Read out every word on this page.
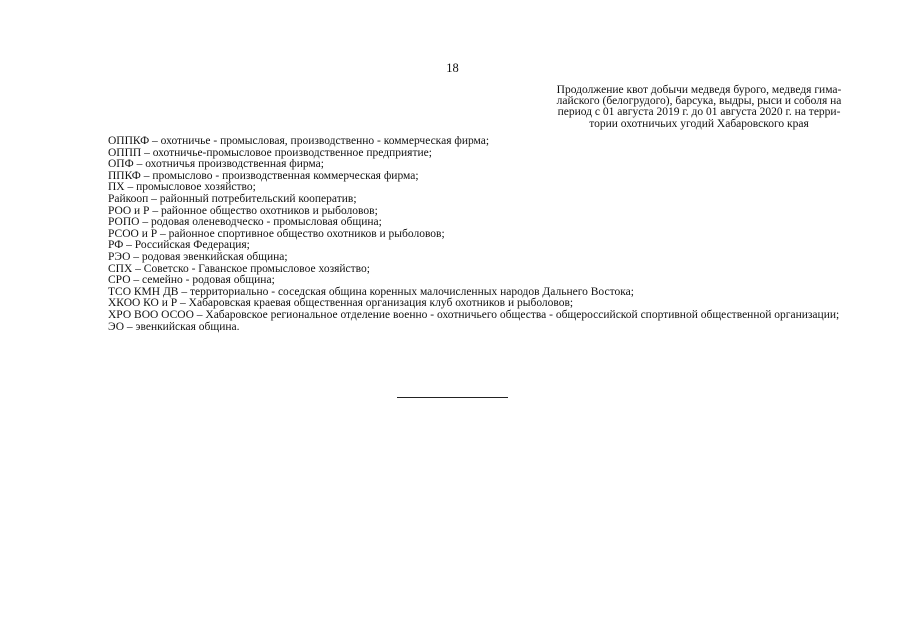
18
Продолжение квот добычи медведя бурого, медведя гима-
лайского (белогрудого), барсука, выдры, рыси и соболя на
период с 01 августа 2019 г. до 01 августа 2020 г. на терри-
тории охотничьих угодий Хабаровского края
ОППКФ – охотничье - промысловая, производственно - коммерческая фирма;
ОППП – охотничье-промысловое производственное предприятие;
ОПФ – охотничья производственная фирма;
ППКФ – промыслово - производственная коммерческая фирма;
ПХ – промысловое хозяйство;
Райкооп – районный потребительский кооператив;
РОО и Р – районное общество охотников и рыболовов;
РОПО – родовая оленеводческо - промысловая община;
РСОО и Р – районное спортивное общество охотников и рыболовов;
РФ – Российская Федерация;
РЭО – родовая эвенкийская община;
СПХ – Советско - Гаванское промысловое хозяйство;
СРО – семейно - родовая община;
ТСО КМН ДВ – территориально - соседская община коренных малочисленных народов Дальнего Востока;
ХКОО КО и Р – Хабаровская краевая общественная организация клуб охотников и рыболовов;
ХРО ВОО ОСОО – Хабаровское региональное отделение военно - охотничьего общества - общероссийской спортивной общественной организации;
ЭО – эвенкийская община.
